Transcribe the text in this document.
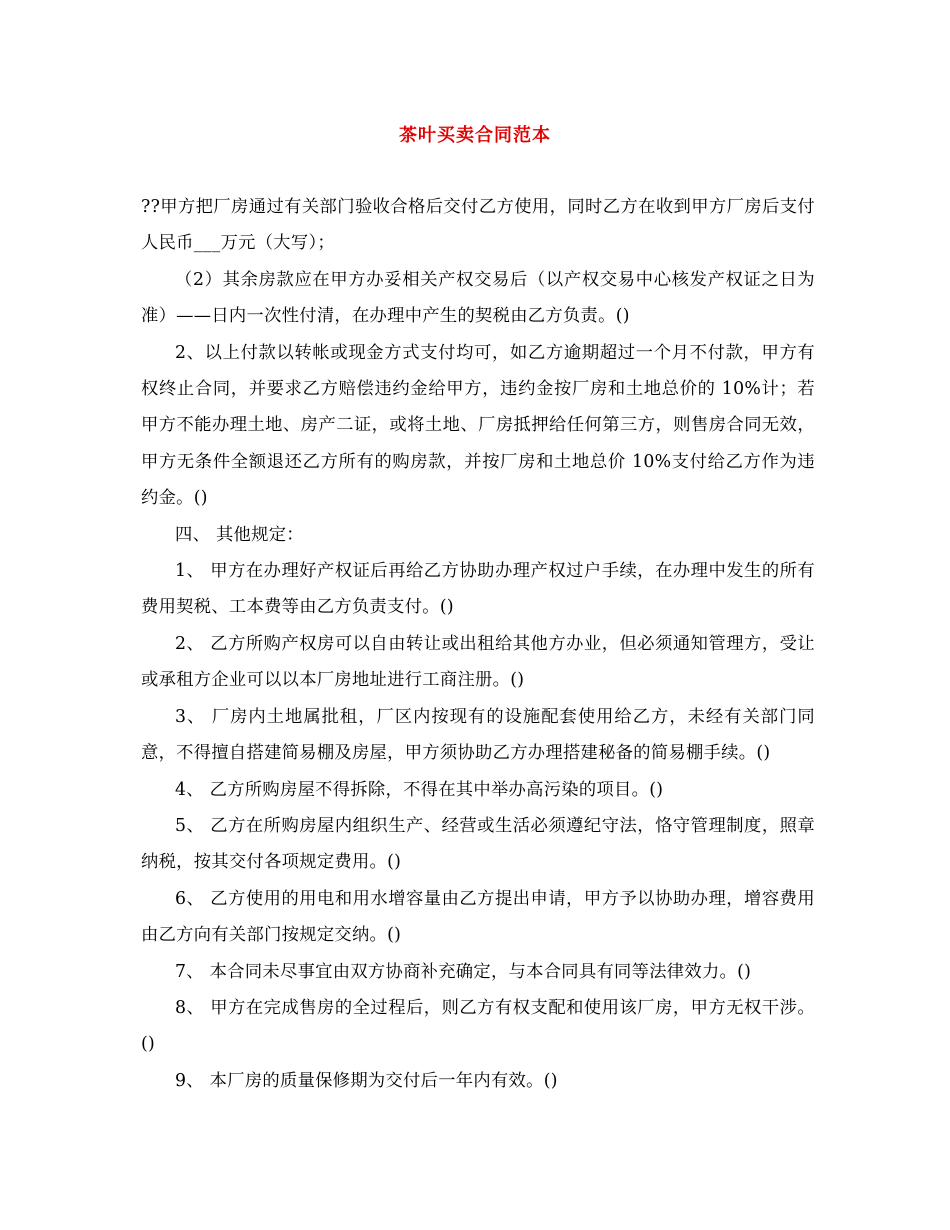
茶叶买卖合同范本

??甲方把厂房通过有关部门验收合格后交付乙方使用，同时乙方在收到甲方厂房后支付人民币___万元（大写）；

（2）其余房款应在甲方办妥相关产权交易后（以产权交易中心核发产权证之日为准）——日内一次性付清，在办理中产生的契税由乙方负责。()

2、以上付款以转帐或现金方式支付均可，如乙方逾期超过一个月不付款，甲方有权终止合同，并要求乙方赔偿违约金给甲方，违约金按厂房和土地总价的 10%计；若甲方不能办理土地、房产二证，或将土地、厂房抵押给任何第三方，则售房合同无效，甲方无条件全额退还乙方所有的购房款，并按厂房和土地总价 10%支付给乙方作为违约金。()

四、 其他规定：

1、 甲方在办理好产权证后再给乙方协助办理产权过户手续，在办理中发生的所有费用契税、工本费等由乙方负责支付。()

2、 乙方所购产权房可以自由转让或出租给其他方办业，但必须通知管理方，受让或承租方企业可以以本厂房地址进行工商注册。()

3、 厂房内土地属批租，厂区内按现有的设施配套使用给乙方，未经有关部门同意，不得擅自搭建简易棚及房屋，甲方须协助乙方办理搭建秘备的简易棚手续。()

4、 乙方所购房屋不得拆除，不得在其中举办高污染的项目。()

5、 乙方在所购房屋内组织生产、经营或生活必须遵纪守法，恪守管理制度，照章纳税，按其交付各项规定费用。()

6、 乙方使用的用电和用水增容量由乙方提出申请，甲方予以协助办理，增容费用由乙方向有关部门按规定交纳。()

7、 本合同未尽事宜由双方协商补充确定，与本合同具有同等法律效力。()

8、 甲方在完成售房的全过程后，则乙方有权支配和使用该厂房，甲方无权干涉。()

9、 本厂房的质量保修期为交付后一年内有效。()
